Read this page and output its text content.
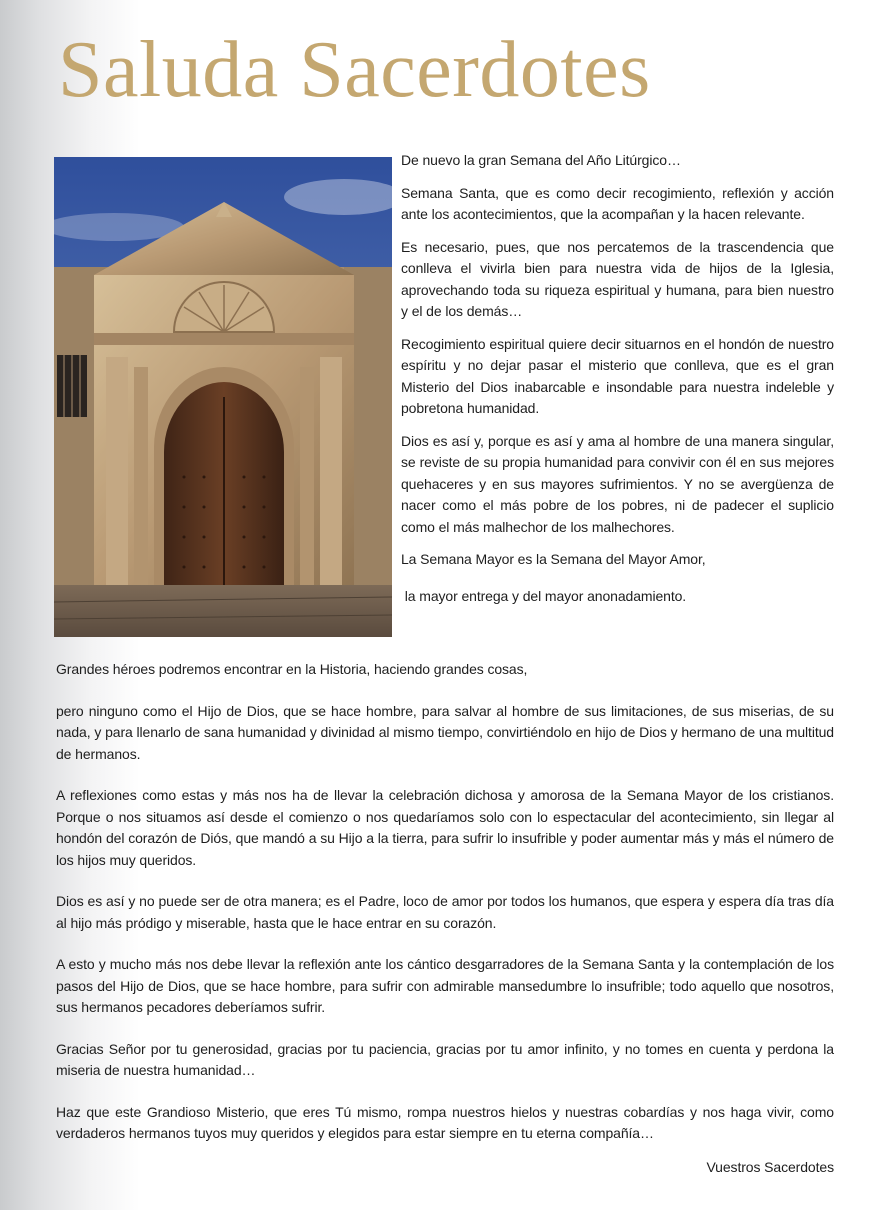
Saluda Sacerdotes

De nuevo la gran Semana del Año Litúrgico…

Semana Santa, que es como decir recogimiento, reflexión y acción ante los acontecimientos, que la acompañan y la hacen relevante.

Es necesario, pues, que nos percatemos de la trascendencia que conlleva el vivirla bien para nuestra vida de hijos de la Iglesia, aprovechando toda su riqueza espiritual y humana, para bien nuestro y el de los demás…

Recogimiento espiritual quiere decir situarnos en el hondón de nuestro espíritu y no dejar pasar el misterio que conlleva, que es el gran Misterio del Dios inabarcable e insondable para nuestra indeleble y pobretona humanidad.

Dios es así y, porque es así y ama al hombre de una manera singular, se reviste de su propia humanidad para convivir con él en sus mejores quehaceres y en sus mayores sufrimientos. Y no se avergüenza de nacer como el más pobre de los pobres, ni de padecer el suplicio como el más malhechor de los malhechores.

La Semana Mayor es la Semana del Mayor Amor,

la mayor entrega y del mayor anonadamiento.

Grandes héroes podremos encontrar en la Historia, haciendo grandes cosas,

pero ninguno como el Hijo de Dios, que se hace hombre, para salvar al hombre de sus limitaciones, de sus miserias, de su nada, y para llenarlo de sana humanidad y divinidad al mismo tiempo, convirtiéndolo en hijo de Dios y hermano de una multitud de hermanos.

A reflexiones como estas y más nos ha de llevar la celebración dichosa y amorosa de la Semana Mayor de los cristianos. Porque o nos situamos así desde el comienzo o nos quedaríamos solo con lo espectacular del acontecimiento, sin llegar al hondón del corazón de Diós, que mandó a su Hijo a la tierra, para sufrir lo insufrible y poder aumentar más y más el número de los hijos muy queridos.

Dios es así y no puede ser de otra manera; es el Padre, loco de amor por todos los humanos, que espera y espera día tras día al hijo más pródigo y miserable, hasta que le hace entrar en su corazón.

A esto y mucho más nos debe llevar la reflexión ante los cántico desgarradores de la Semana Santa y la contemplación de los pasos del Hijo de Dios, que se hace hombre, para sufrir con admirable mansedumbre lo insufrible; todo aquello que nosotros, sus hermanos pecadores deberíamos sufrir.

Gracias Señor por tu generosidad, gracias por tu paciencia, gracias por tu amor infinito, y no tomes en cuenta y perdona la miseria de nuestra humanidad…

Haz que este Grandioso Misterio, que eres Tú mismo, rompa nuestros hielos y nuestras cobardías y nos haga vivir, como verdaderos hermanos tuyos muy queridos y elegidos para estar siempre en tu eterna compañía…

Vuestros Sacerdotes
